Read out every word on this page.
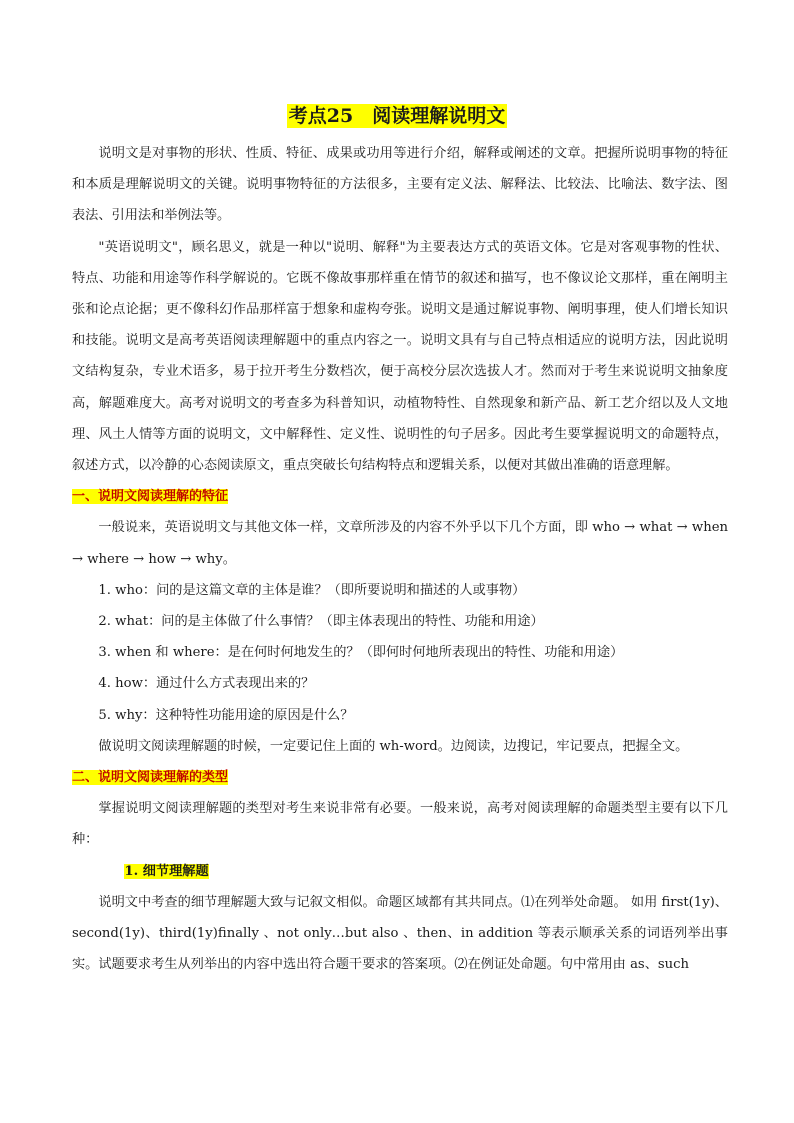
考点25　阅读理解说明文

说明文是对事物的形状、性质、特征、成果或功用等进行介绍，解释或阐述的文章。把握所说明事物的特征和本质是理解说明文的关键。说明事物特征的方法很多，主要有定义法、解释法、比较法、比喻法、数字法、图表法、引用法和举例法等。

"英语说明文"，顾名思义，就是一种以"说明、解释"为主要表达方式的英语文体。它是对客观事物的性状、特点、功能和用途等作科学解说的。它既不像故事那样重在情节的叙述和描写，也不像议论文那样，重在阐明主张和论点论据；更不像科幻作品那样富于想象和虚构夸张。说明文是通过解说事物、阐明事理，使人们增长知识和技能。说明文是高考英语阅读理解题中的重点内容之一。说明文具有与自己特点相适应的说明方法，因此说明文结构复杂，专业术语多，易于拉开考生分数档次，便于高校分层次选拔人才。然而对于考生来说说明文抽象度高，解题难度大。高考对说明文的考查多为科普知识，动植物特性、自然现象和新产品、新工艺介绍以及人文地理、风土人情等方面的说明文，文中解释性、定义性、说明性的句子居多。因此考生要掌握说明文的命题特点，叙述方式，以冷静的心态阅读原文，重点突破长句结构特点和逻辑关系，以便对其做出准确的语意理解。

一、说明文阅读理解的特征

一般说来，英语说明文与其他文体一样，文章所涉及的内容不外乎以下几个方面，即 who → what → when → where → how → why。

1. who：问的是这篇文章的主体是谁？（即所要说明和描述的人或事物）

2. what：问的是主体做了什么事情？（即主体表现出的特性、功能和用途）

3. when 和 where：是在何时何地发生的？（即何时何地所表现出的特性、功能和用途）

4. how：通过什么方式表现出来的？

5. why：这种特性功能用途的原因是什么？

做说明文阅读理解题的时候，一定要记住上面的 wh-word。边阅读，边搜记，牢记要点，把握全文。

二、说明文阅读理解的类型

掌握说明文阅读理解题的类型对考生来说非常有必要。一般来说，高考对阅读理解的命题类型主要有以下几种：

1. 细节理解题

说明文中考查的细节理解题大致与记叙文相似。命题区域都有其共同点。⑴在列举处命题。 如用 first(1y)、second(1y)、third(1y)finally 、not only…but also 、then、in addition 等表示顺承关系的词语列举出事实。试题要求考生从列举出的内容中选出符合题干要求的答案项。⑵在例证处命题。句中常用由 as、such
